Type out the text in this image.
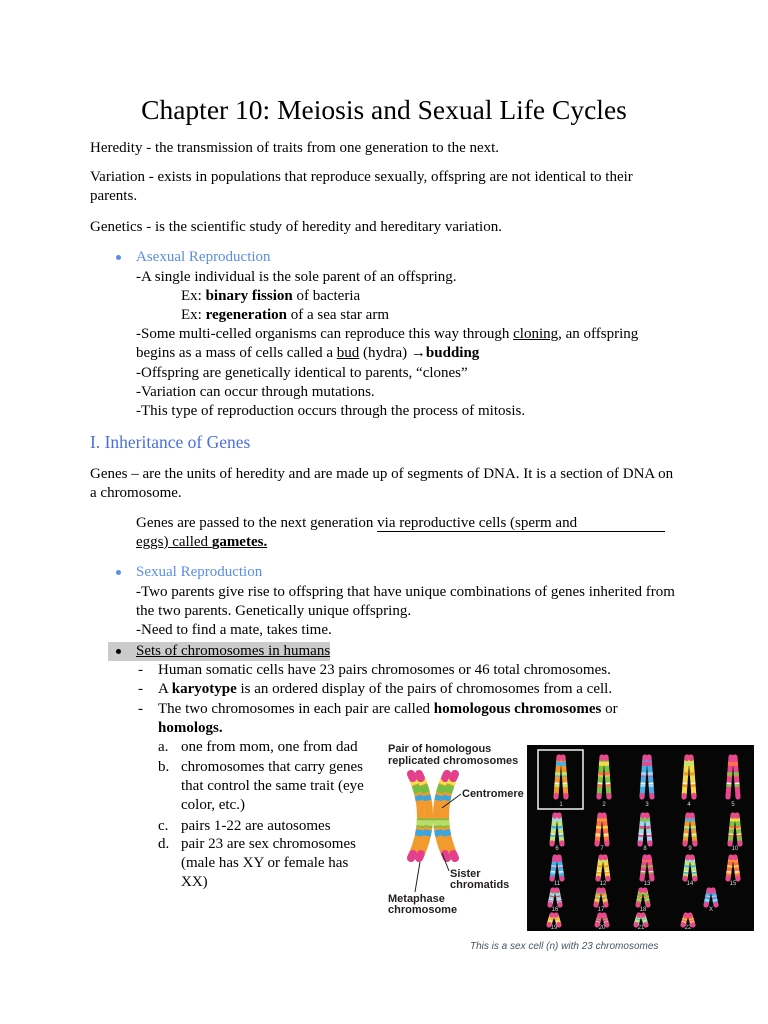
Chapter 10: Meiosis and Sexual Life Cycles
Heredity - the transmission of traits from one generation to the next.
Variation - exists in populations that reproduce sexually, offspring are not identical to their
parents.
Genetics - is the scientific study of heredity and hereditary variation.
Asexual Reproduction
-A single individual is the sole parent of an offspring.
Ex: binary fission of bacteria
Ex: regeneration of a sea star arm
-Some multi-celled organisms can reproduce this way through cloning, an offspring
begins as a mass of cells called a bud (hydra) →budding
-Offspring are genetically identical to parents, “clones”
-Variation can occur through mutations.
-This type of reproduction occurs through the process of mitosis.
I. Inheritance of Genes
Genes – are the units of heredity and are made up of segments of DNA. It is a section of DNA on
a chromosome.
Genes are passed to the next generation via reproductive cells (sperm and
eggs) called gametes.
Sexual Reproduction
-Two parents give rise to offspring that have unique combinations of genes inherited from
the two parents. Genetically unique offspring.
-Need to find a mate, takes time.
Sets of chromosomes in humans
- Human somatic cells have 23 pairs chromosomes or 46 total chromosomes.
- A karyotype is an ordered display of the pairs of chromosomes from a cell.
- The two chromosomes in each pair are called homologous chromosomes or
homologs.
a. one from mom, one from dad
b. chromosomes that carry genes
that control the same trait (eye
color, etc.)
c. pairs 1-22 are autosomes
d. pair 23 are sex chromosomes
(male has XY or female has
XX)
Pair of homologous
replicated chromosomes
Centromere
Sister
chromatids
Metaphase
chromosome
1	2	3	4	5
6	7	8	9	10
11	12	13	14	15
16	17	18	X
19	20	21	22
This is a sex cell (n) with 23 chromosomes
